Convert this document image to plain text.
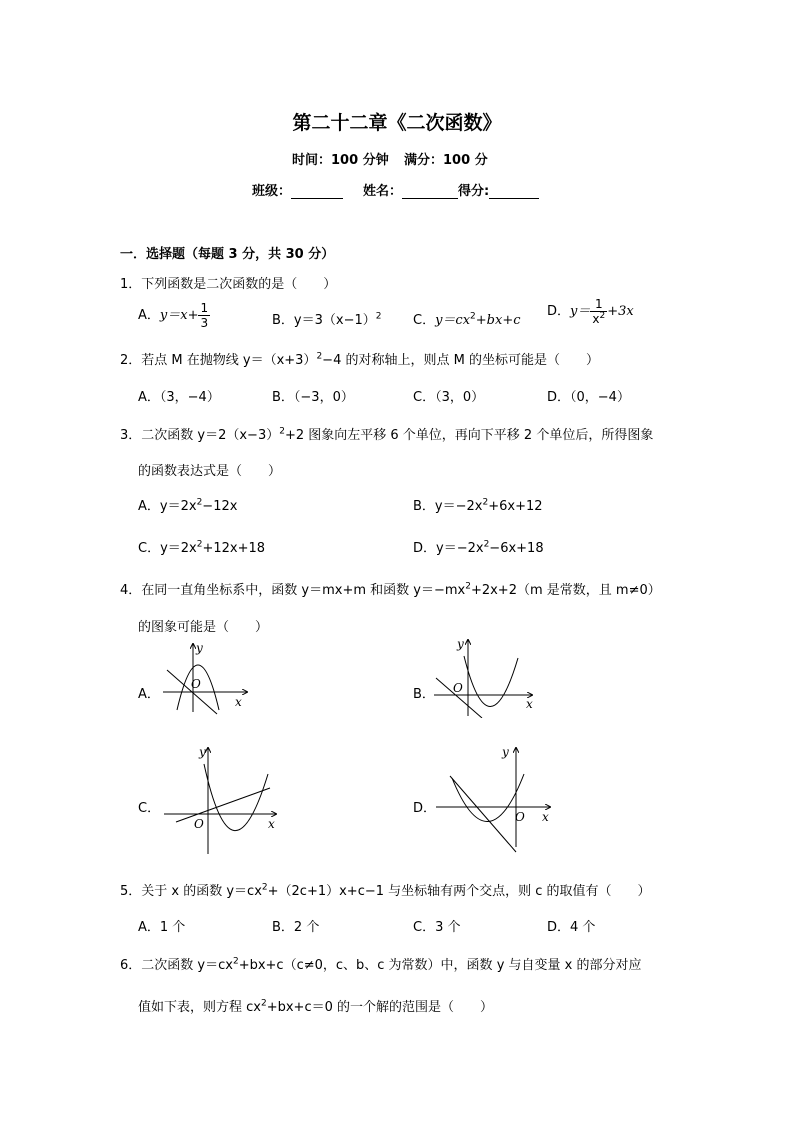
第二十二章《二次函数》
时间：100 分钟 满分：100 分
班级：	姓名：	得分:
一．选择题（每题 3 分，共 30 分）
1．下列函数是二次函数的是（　　）
A．$y=x+ \frac{1}{3}$	B．$y=3(x-1)^2$ C．$y=cx^2+bx+c$
D．$y= \frac{1}{x^2} +3x$
2．若点 M 在抛物线 $y=(x+3)^2-4$ 的对称轴上，则点 M 的坐标可能是（　　）
A．（3，−4）	B．（−3，0）	C．（3，0）	D．（0，−4）
3．二次函数 $y=2(x-3)^2+2$ 图象向左平移 6 个单位，再向下平移 2 个单位后，所得图象
的函数表达式是（　　）
A．$y=2x^2-12x$	B．$y=-2x^2+6x+12$
C．$y=2x^2+12x+18$	D．$y=-2x^2-6x+18$
4．在同一直角坐标系中，函数 y＝mx+m 和函数 $y=-mx^2+2x+2(m$ 是常数，且 m≠0）
的图象可能是（　　）
A．
y
x
O
B．
y
x
O
C．
y
x
O
D．
y
x
O
5．关于 x 的函数 $y=cx^2+(2c+1)x+c-1$ 与坐标轴有两个交点，则 c 的取值有（　　）
A．1 个	B．2 个	C．3 个	D．4 个
6．二次函数 $y=cx^2+bx+c(c\ne 0$，c、b、c 为常数）中，函数 y 与自变量 x 的部分对应
值如下表，则方程 $cx^2+bx+c=0$ 的一个解的范围是（　　）
